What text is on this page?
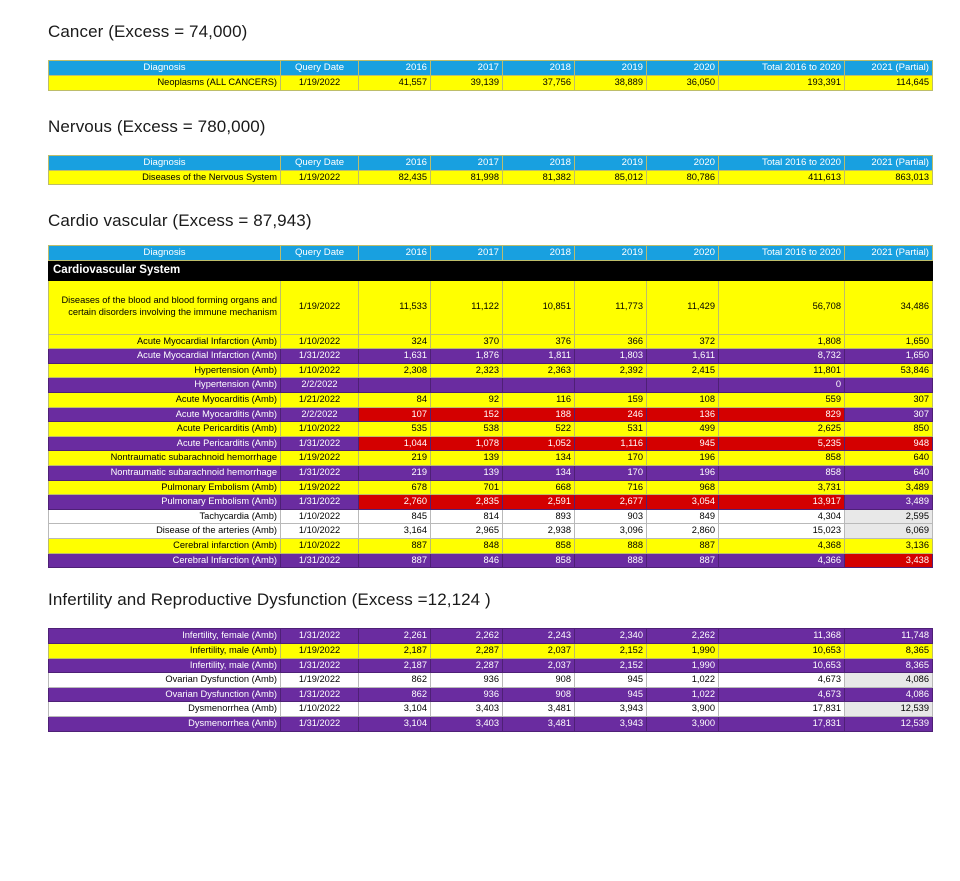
Cancer (Excess = 74,000)
Diagnosis	Query Date	2016	2017	2018	2019	2020	Total 2016 to 2020	2021 (Partial)
Neoplasms (ALL CANCERS)	1/19/2022	41,557	39,139	37,756	38,889	36,050	193,391	114,645
Nervous (Excess = 780,000)
Diagnosis	Query Date	2016	2017	2018	2019	2020	Total 2016 to 2020	2021 (Partial)
Diseases of the Nervous System	1/19/2022	82,435	81,998	81,382	85,012	80,786	411,613	863,013
Cardio vascular (Excess = 87,943)
Diagnosis	Query Date	2016	2017	2018	2019	2020	Total 2016 to 2020	2021 (Partial)
Cardiovascular System								
Diseases of the blood and blood forming organs and certain disorders involving the immune mechanism	1/19/2022	11,533	11,122	10,851	11,773	11,429	56,708	34,486
Acute Myocardial Infarction (Amb)	1/10/2022	324	370	376	366	372	1,808	1,650
Acute Myocardial Infarction (Amb)	1/31/2022	1,631	1,876	1,811	1,803	1,611	8,732	1,650
Hypertension (Amb)	1/10/2022	2,308	2,323	2,363	2,392	2,415	11,801	53,846
Hypertension (Amb)	2/2/2022						0	
Acute Myocarditis (Amb)	1/21/2022	84	92	116	159	108	559	307
Acute Myocarditis (Amb)	2/2/2022	107	152	188	246	136	829	307
Acute Pericarditis (Amb)	1/10/2022	535	538	522	531	499	2,625	850
Acute Pericarditis (Amb)	1/31/2022	1,044	1,078	1,052	1,116	945	5,235	948
Nontraumatic subarachnoid hemorrhage	1/19/2022	219	139	134	170	196	858	640
Nontraumatic subarachnoid hemorrhage	1/31/2022	219	139	134	170	196	858	640
Pulmonary Embolism (Amb)	1/19/2022	678	701	668	716	968	3,731	3,489
Pulmonary Embolism (Amb)	1/31/2022	2,760	2,835	2,591	2,677	3,054	13,917	3,489
Tachycardia (Amb)	1/10/2022	845	814	893	903	849	4,304	2,595
Disease of the arteries (Amb)	1/10/2022	3,164	2,965	2,938	3,096	2,860	15,023	6,069
Cerebral infarction (Amb)	1/10/2022	887	848	858	888	887	4,368	3,136
Cerebral Infarction (Amb)	1/31/2022	887	846	858	888	887	4,366	3,438
Infertility and Reproductive Dysfunction (Excess =12,124 )
Infertility, female (Amb)	1/31/2022	2,261	2,262	2,243	2,340	2,262	11,368	11,748
Infertility, male (Amb)	1/19/2022	2,187	2,287	2,037	2,152	1,990	10,653	8,365
Infertility, male (Amb)	1/31/2022	2,187	2,287	2,037	2,152	1,990	10,653	8,365
Ovarian Dysfunction (Amb)	1/19/2022	862	936	908	945	1,022	4,673	4,086
Ovarian Dysfunction (Amb)	1/31/2022	862	936	908	945	1,022	4,673	4,086
Dysmenorrhea (Amb)	1/10/2022	3,104	3,403	3,481	3,943	3,900	17,831	12,539
Dysmenorrhea (Amb)	1/31/2022	3,104	3,403	3,481	3,943	3,900	17,831	12,539
